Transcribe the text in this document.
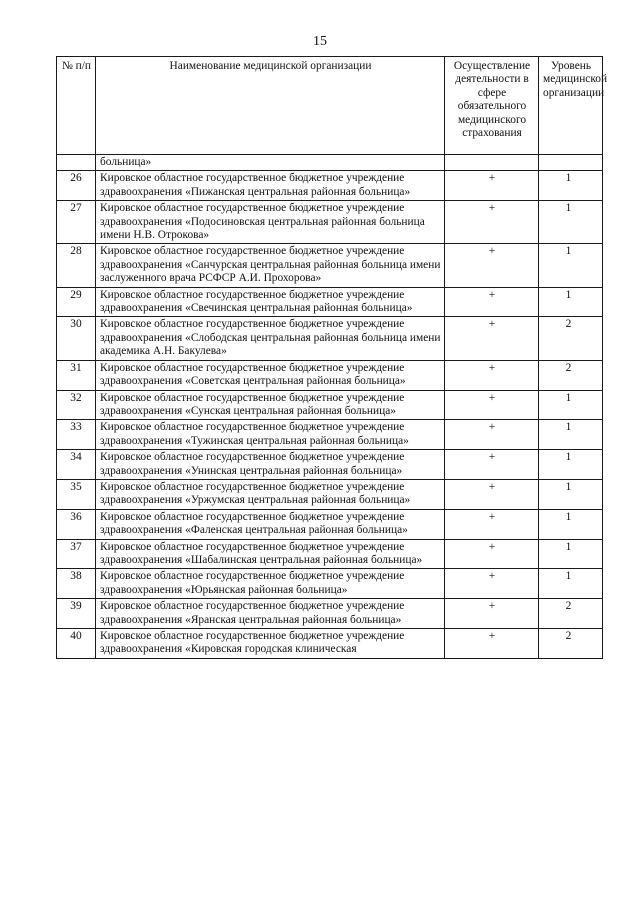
15
№ п/п	Наименование медицинской организации	Осуществление деятельности в сфере обязательного медицинского страхования	Уровень медицинской организации
	больница»		
26	Кировское областное государственное бюджетное учреждение здравоохранения «Пижанская центральная районная больница»	+	1
27	Кировское областное государственное бюджетное учреждение здравоохранения «Подосиновская центральная районная больница имени Н.В. Отрокова»	+	1
28	Кировское областное государственное бюджетное учреждение здравоохранения «Санчурская центральная районная больница имени заслуженного врача РСФСР А.И. Прохорова»	+	1
29	Кировское областное государственное бюджетное учреждение здравоохранения «Свечинская центральная районная больница»	+	1
30	Кировское областное государственное бюджетное учреждение здравоохранения «Слободская центральная районная больница имени академика А.Н. Бакулева»	+	2
31	Кировское областное государственное бюджетное учреждение здравоохранения «Советская центральная районная больница»	+	2
32	Кировское областное государственное бюджетное учреждение здравоохранения «Сунская центральная районная больница»	+	1
33	Кировское областное государственное бюджетное учреждение здравоохранения «Тужинская центральная районная больница»	+	1
34	Кировское областное государственное бюджетное учреждение здравоохранения «Унинская центральная районная больница»	+	1
35	Кировское областное государственное бюджетное учреждение здравоохранения «Уржумская центральная районная больница»	+	1
36	Кировское областное государственное бюджетное учреждение здравоохранения «Фаленская центральная районная больница»	+	1
37	Кировское областное государственное бюджетное учреждение здравоохранения «Шабалинская центральная районная больница»	+	1
38	Кировское областное государственное бюджетное учреждение здравоохранения «Юрьянская районная больница»	+	1
39	Кировское областное государственное бюджетное учреждение здравоохранения «Яранская центральная районная больница»	+	2
40	Кировское областное государственное бюджетное учреждение здравоохранения «Кировская городская клиническая	+	2
